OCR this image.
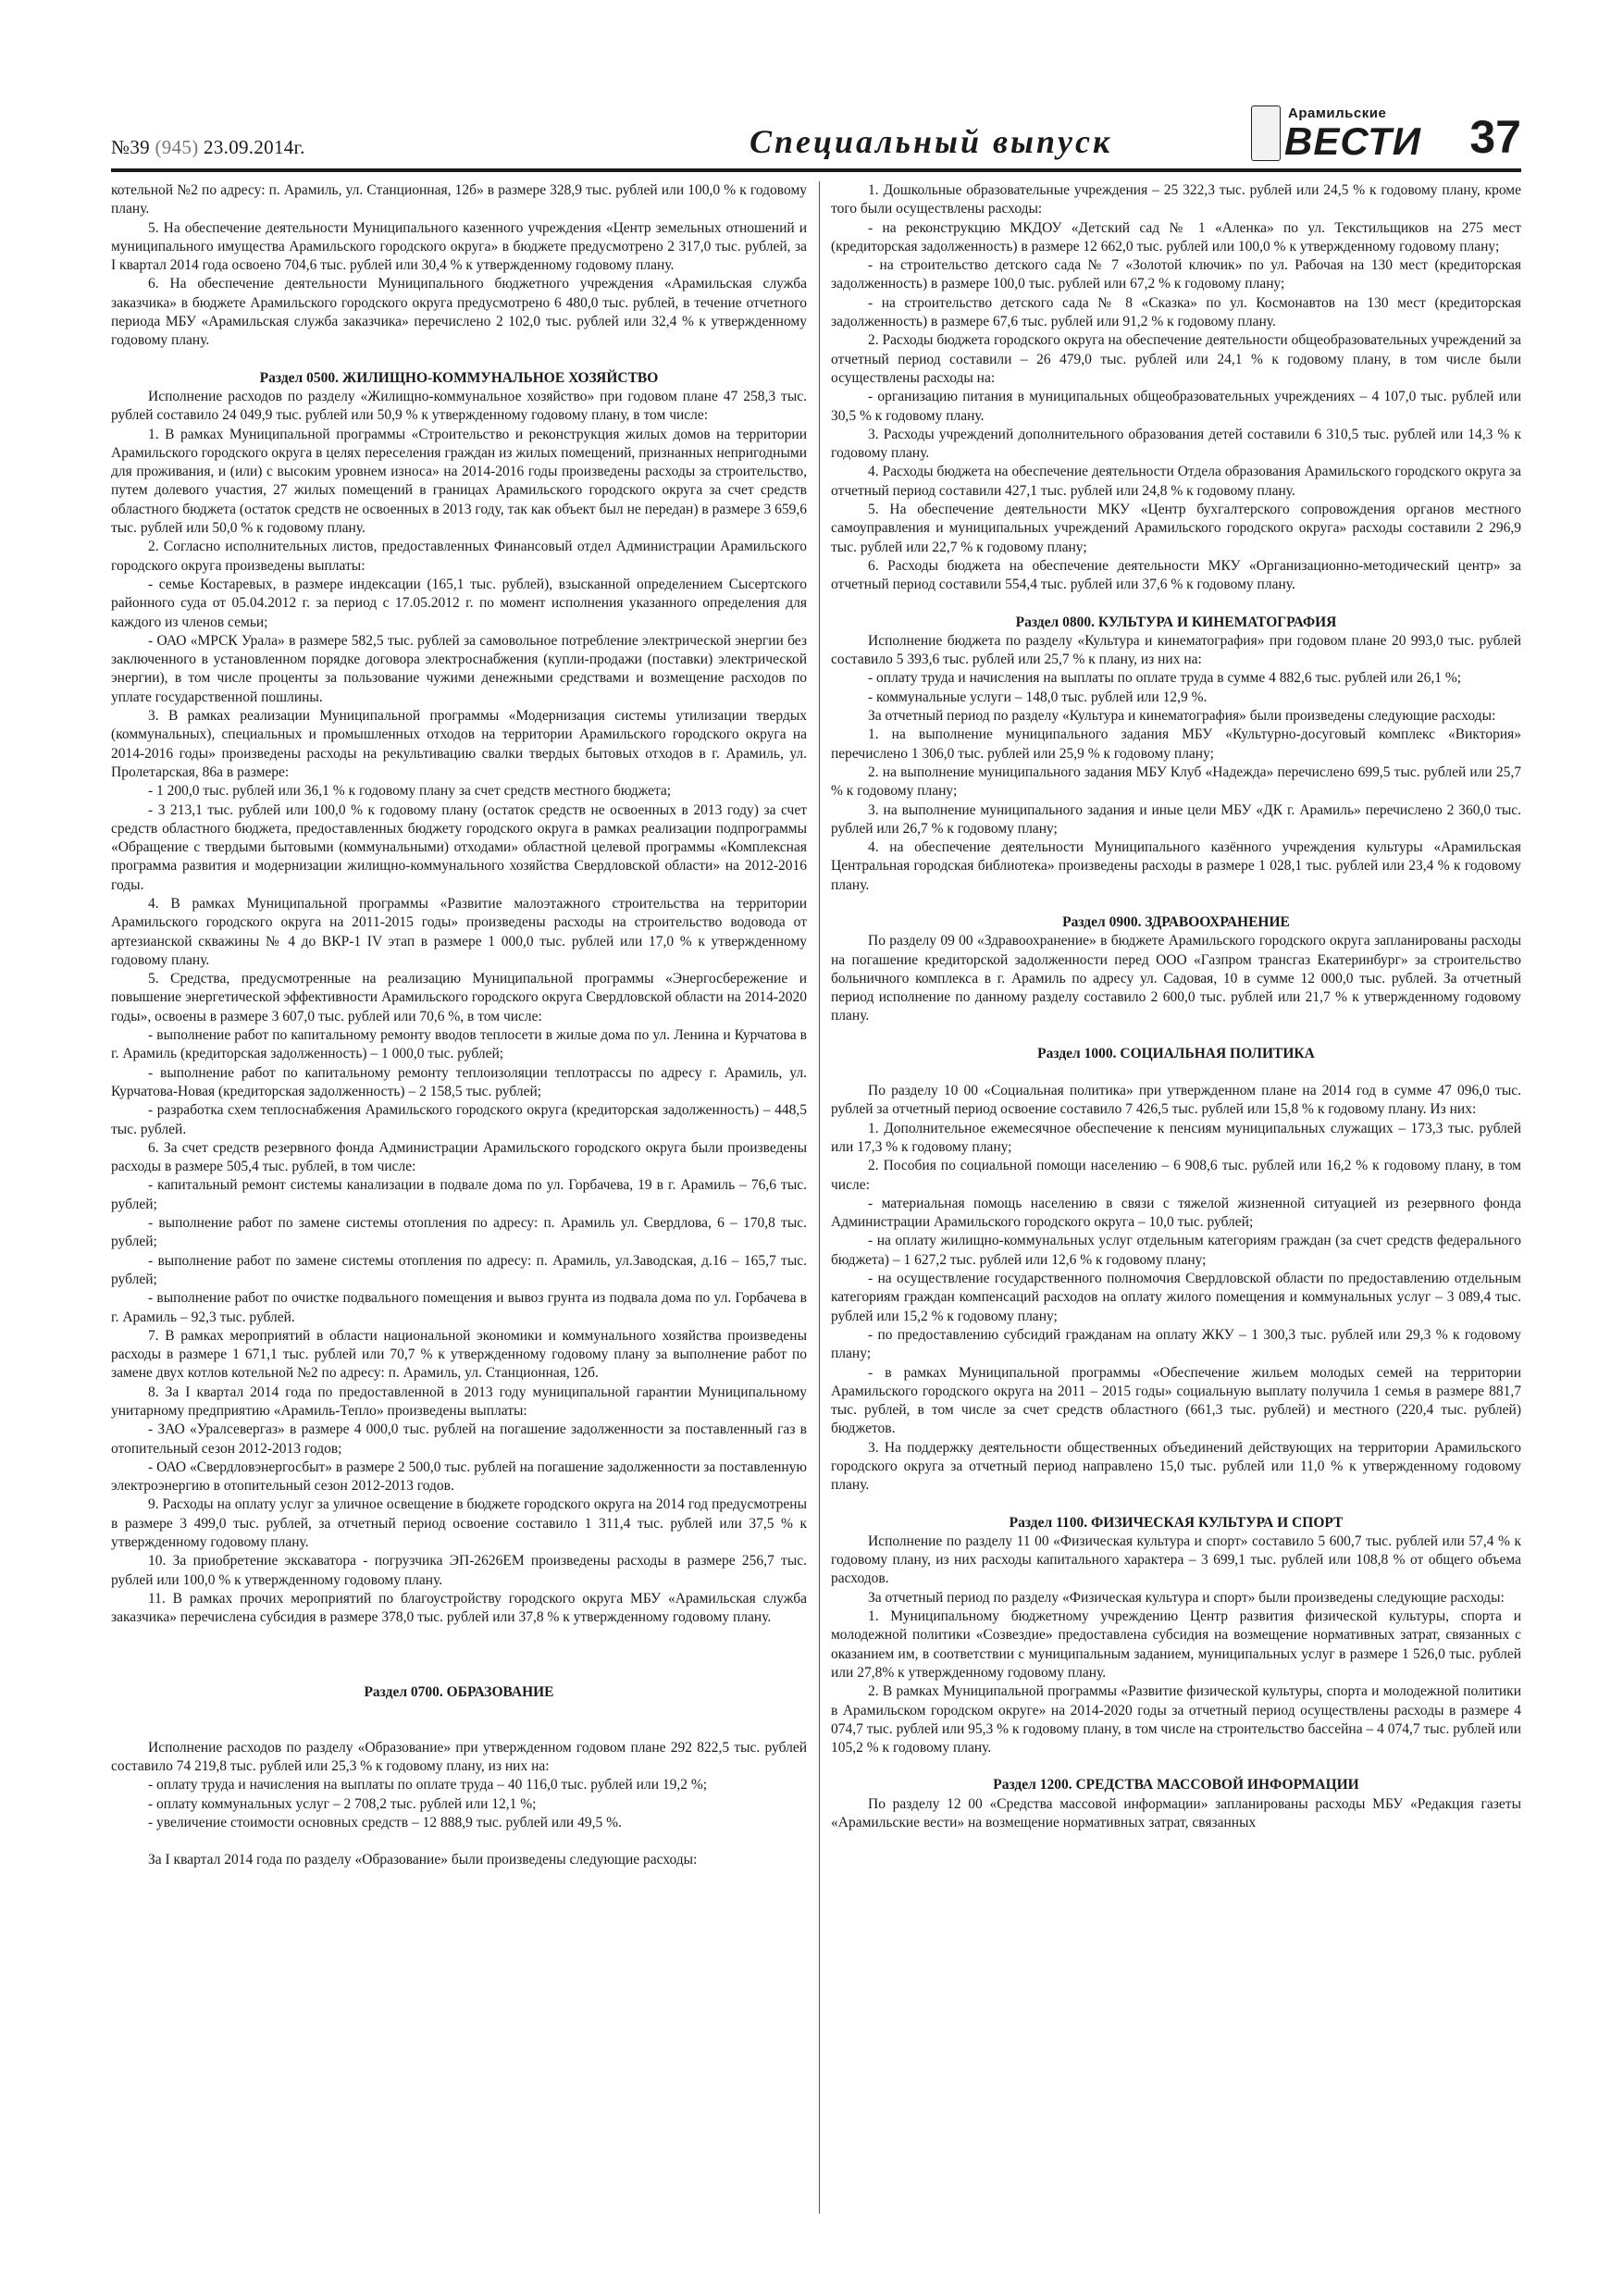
№39 (945) 23.09.2014г.	Специальный выпуск
Арамильские
ВЕСТИ 37

котельной №2 по адресу: п. Арамиль, ул. Станционная, 12б» в размере 328,9 тыс. рублей или 100,0 % к годовому плану.

5. На обеспечение деятельности Муниципального казенного учреждения «Центр земельных отношений и муниципального имущества Арамильского городского округа» в бюджете предусмотрено 2 317,0 тыс. рублей, за I квартал 2014 года освоено 704,6 тыс. рублей или 30,4 % к утвержденному годовому плану.

6. На обеспечение деятельности Муниципального бюджетного учреждения «Арамильская служба заказчика» в бюджете Арамильского городского округа предусмотрено 6 480,0 тыс. рублей, в течение отчетного периода МБУ «Арамильская служба заказчика» перечислено 2 102,0 тыс. рублей или 32,4 % к утвержденному годовому плану.

Раздел 0500. ЖИЛИЩНО-КОММУНАЛЬНОЕ ХОЗЯЙСТВО

Исполнение расходов по разделу «Жилищно-коммунальное хозяйство» при годовом плане 47 258,3 тыс. рублей составило 24 049,9 тыс. рублей или 50,9 % к утвержденному годовому плану, в том числе:

1. В рамках Муниципальной программы «Строительство и реконструкция жилых домов на территории Арамильского городского округа в целях переселения граждан из жилых помещений, признанных непригодными для проживания, и (или) с высоким уровнем износа» на 2014-2016 годы произведены расходы за строительство, путем долевого участия, 27 жилых помещений в границах Арамильского городского округа за счет средств областного бюджета (остаток средств не освоенных в 2013 году, так как объект был не передан) в размере 3 659,6 тыс. рублей или 50,0 % к годовому плану.

2. Согласно исполнительных листов, предоставленных Финансовый отдел Администрации Арамильского городского округа произведены выплаты:

- семье Костаревых, в размере индексации (165,1 тыс. рублей), взысканной определением Сысертского районного суда от 05.04.2012 г. за период с 17.05.2012 г. по момент исполнения указанного определения для каждого из членов семьи;

- ОАО «МРСК Урала» в размере 582,5 тыс. рублей за самовольное потребление электрической энергии без заключенного в установленном порядке договора электроснабжения (купли-продажи (поставки) электрической энергии), в том числе проценты за пользование чужими денежными средствами и возмещение расходов по уплате государственной пошлины.

3. В рамках реализации Муниципальной программы «Модернизация системы утилизации твердых (коммунальных), специальных и промышленных отходов на территории Арамильского городского округа на 2014-2016 годы» произведены расходы на рекультивацию свалки твердых бытовых отходов в г. Арамиль, ул. Пролетарская, 86а в размере:

- 1 200,0 тыс. рублей или 36,1 % к годовому плану за счет средств местного бюджета;

- 3 213,1 тыс. рублей или 100,0 % к годовому плану (остаток средств не освоенных в 2013 году) за счет средств областного бюджета, предоставленных бюджету городского округа в рамках реализации подпрограммы «Обращение с твердыми бытовыми (коммунальными) отходами» областной целевой программы «Комплексная программа развития и модернизации жилищно-коммунального хозяйства Свердловской области» на 2012-2016 годы.

4. В рамках Муниципальной программы «Развитие малоэтажного строительства на территории Арамильского городского округа на 2011-2015 годы» произведены расходы на строительство водовода от артезианской скважины № 4 до ВКР-1 IV этап в размере 1 000,0 тыс. рублей или 17,0 % к утвержденному годовому плану.

5. Средства, предусмотренные на реализацию Муниципальной программы «Энергосбережение и повышение энергетической эффективности Арамильского городского округа Свердловской области на 2014-2020 годы», освоены в размере 3 607,0 тыс. рублей или 70,6 %, в том числе:

- выполнение работ по капитальному ремонту вводов теплосети в жилые дома по ул. Ленина и Курчатова в г. Арамиль (кредиторская задолженность) – 1 000,0 тыс. рублей;

- выполнение работ по капитальному ремонту теплоизоляции теплотрассы по адресу г. Арамиль, ул. Курчатова-Новая (кредиторская задолженность) – 2 158,5 тыс. рублей;

- разработка схем теплоснабжения Арамильского городского округа (кредиторская задолженность) – 448,5 тыс. рублей.

6. За счет средств резервного фонда Администрации Арамильского городского округа были произведены расходы в размере 505,4 тыс. рублей, в том числе:

- капитальный ремонт системы канализации в подвале дома по ул. Горбачева, 19 в г. Арамиль – 76,6 тыс. рублей;

- выполнение работ по замене системы отопления по адресу: п. Арамиль ул. Свердлова, 6 – 170,8 тыс. рублей;

- выполнение работ по замене системы отопления по адресу: п. Арамиль, ул.Заводская, д.16 – 165,7 тыс. рублей;

- выполнение работ по очистке подвального помещения и вывоз грунта из подвала дома по ул. Горбачева в г. Арамиль – 92,3 тыс. рублей.

7. В рамках мероприятий в области национальной экономики и коммунального хозяйства произведены расходы в размере 1 671,1 тыс. рублей или 70,7 % к утвержденному годовому плану за выполнение работ по замене двух котлов котельной №2 по адресу: п. Арамиль, ул. Станционная, 12б.

8. За I квартал 2014 года по предоставленной в 2013 году муниципальной гарантии Муниципальному унитарному предприятию «Арамиль-Тепло» произведены выплаты:

- ЗАО «Уралсевергаз» в размере 4 000,0 тыс. рублей на погашение задолженности за поставленный газ в отопительный сезон 2012-2013 годов;

- ОАО «Свердловэнергосбыт» в размере 2 500,0 тыс. рублей на погашение задолженности за поставленную электроэнергию в отопительный сезон 2012-2013 годов.

9. Расходы на оплату услуг за уличное освещение в бюджете городского округа на 2014 год предусмотрены в размере 3 499,0 тыс. рублей, за отчетный период освоение составило 1 311,4 тыс. рублей или 37,5 % к утвержденному годовому плану.

10. За приобретение экскаватора - погрузчика ЭП-2626ЕМ произведены расходы в размере 256,7 тыс. рублей или 100,0 % к утвержденному годовому плану.

11. В рамках прочих мероприятий по благоустройству городского округа МБУ «Арамильская служба заказчика» перечислена субсидия в размере 378,0 тыс. рублей или 37,8 % к утвержденному годовому плану.

Раздел 0700. ОБРАЗОВАНИЕ

Исполнение расходов по разделу «Образование» при утвержденном годовом плане 292 822,5 тыс. рублей составило 74 219,8 тыс. рублей или 25,3 % к годовому плану, из них на:

- оплату труда и начисления на выплаты по оплате труда – 40 116,0 тыс. рублей или 19,2 %;

- оплату коммунальных услуг – 2 708,2 тыс. рублей или 12,1 %;

- увеличение стоимости основных средств – 12 888,9 тыс. рублей или 49,5 %.

За I квартал 2014 года по разделу «Образование» были произведены следующие расходы:

1. Дошкольные образовательные учреждения – 25 322,3 тыс. рублей или 24,5 % к годовому плану, кроме того были осуществлены расходы:

- на реконструкцию МКДОУ «Детский сад № 1 «Аленка» по ул. Текстильщиков на 275 мест (кредиторская задолженность) в размере 12 662,0 тыс. рублей или 100,0 % к утвержденному годовому плану;

- на строительство детского сада № 7 «Золотой ключик» по ул. Рабочая на 130 мест (кредиторская задолженность) в размере 100,0 тыс. рублей или 67,2 % к годовому плану;

- на строительство детского сада № 8 «Сказка» по ул. Космонавтов на 130 мест (кредиторская задолженность) в размере 67,6 тыс. рублей или 91,2 % к годовому плану.

2. Расходы бюджета городского округа на обеспечение деятельности общеобразовательных учреждений за отчетный период составили – 26 479,0 тыс. рублей или 24,1 % к годовому плану, в том числе были осуществлены расходы на:

- организацию питания в муниципальных общеобразовательных учреждениях – 4 107,0 тыс. рублей или 30,5 % к годовому плану.

3. Расходы учреждений дополнительного образования детей составили 6 310,5 тыс. рублей или 14,3 % к годовому плану.

4. Расходы бюджета на обеспечение деятельности Отдела образования Арамильского городского округа за отчетный период составили 427,1 тыс. рублей или 24,8 % к годовому плану.

5. На обеспечение деятельности МКУ «Центр бухгалтерского сопровождения органов местного самоуправления и муниципальных учреждений Арамильского городского округа» расходы составили 2 296,9 тыс. рублей или 22,7 % к годовому плану;

6. Расходы бюджета на обеспечение деятельности МКУ «Организационно-методический центр» за отчетный период составили 554,4 тыс. рублей или 37,6 % к годовому плану.

Раздел 0800. КУЛЬТУРА И КИНЕМАТОГРАФИЯ

Исполнение бюджета по разделу «Культура и кинематография» при годовом плане 20 993,0 тыс. рублей составило 5 393,6 тыс. рублей или 25,7 % к плану, из них на:

- оплату труда и начисления на выплаты по оплате труда в сумме 4 882,6 тыс. рублей или 26,1 %;

- коммунальные услуги – 148,0 тыс. рублей или 12,9 %.

За отчетный период по разделу «Культура и кинематография» были произведены следующие расходы:

1. на выполнение муниципального задания МБУ «Культурно-досуговый комплекс «Виктория» перечислено 1 306,0 тыс. рублей или 25,9 % к годовому плану;

2. на выполнение муниципального задания МБУ Клуб «Надежда» перечислено 699,5 тыс. рублей или 25,7 % к годовому плану;

3. на выполнение муниципального задания и иные цели МБУ «ДК г. Арамиль» перечислено 2 360,0 тыс. рублей или 26,7 % к годовому плану;

4. на обеспечение деятельности Муниципального казённого учреждения культуры «Арамильская Центральная городская библиотека» произведены расходы в размере 1 028,1 тыс. рублей или 23,4 % к годовому плану.

Раздел 0900. ЗДРАВООХРАНЕНИЕ

По разделу 09 00 «Здравоохранение» в бюджете Арамильского городского округа запланированы расходы на погашение кредиторской задолженности перед ООО «Газпром трансгаз Екатеринбург» за строительство больничного комплекса в г. Арамиль по адресу ул. Садовая, 10 в сумме 12 000,0 тыс. рублей. За отчетный период исполнение по данному разделу составило 2 600,0 тыс. рублей или 21,7 % к утвержденному годовому плану.

Раздел 1000. СОЦИАЛЬНАЯ ПОЛИТИКА

По разделу 10 00 «Социальная политика» при утвержденном плане на 2014 год в сумме 47 096,0 тыс. рублей за отчетный период освоение составило 7 426,5 тыс. рублей или 15,8 % к годовому плану. Из них:

1. Дополнительное ежемесячное обеспечение к пенсиям муниципальных служащих – 173,3 тыс. рублей или 17,3 % к годовому плану;

2. Пособия по социальной помощи населению – 6 908,6 тыс. рублей или 16,2 % к годовому плану, в том числе:

- материальная помощь населению в связи с тяжелой жизненной ситуацией из резервного фонда Администрации Арамильского городского округа – 10,0 тыс. рублей;

- на оплату жилищно-коммунальных услуг отдельным категориям граждан (за счет средств федерального бюджета) – 1 627,2 тыс. рублей или 12,6 % к годовому плану;

- на осуществление государственного полномочия Свердловской области по предоставлению отдельным категориям граждан компенсаций расходов на оплату жилого помещения и коммунальных услуг – 3 089,4 тыс. рублей или 15,2 % к годовому плану;

- по предоставлению субсидий гражданам на оплату ЖКУ – 1 300,3 тыс. рублей или 29,3 % к годовому плану;

- в рамках Муниципальной программы «Обеспечение жильем молодых семей на территории Арамильского городского округа на 2011 – 2015 годы» социальную выплату получила 1 семья в размере 881,7 тыс. рублей, в том числе за счет средств областного (661,3 тыс. рублей) и местного (220,4 тыс. рублей) бюджетов.

3. На поддержку деятельности общественных объединений действующих на территории Арамильского городского округа за отчетный период направлено 15,0 тыс. рублей или 11,0 % к утвержденному годовому плану.

Раздел 1100. ФИЗИЧЕСКАЯ КУЛЬТУРА И СПОРТ

Исполнение по разделу 11 00 «Физическая культура и спорт» составило 5 600,7 тыс. рублей или 57,4 % к годовому плану, из них расходы капитального характера – 3 699,1 тыс. рублей или 108,8 % от общего объема расходов.

За отчетный период по разделу «Физическая культура и спорт» были произведены следующие расходы:

1. Муниципальному бюджетному учреждению Центр развития физической культуры, спорта и молодежной политики «Созвездие» предоставлена субсидия на возмещение нормативных затрат, связанных с оказанием им, в соответствии с муниципальным заданием, муниципальных услуг в размере 1 526,0 тыс. рублей или 27,8% к утвержденному годовому плану.

2. В рамках Муниципальной программы «Развитие физической культуры, спорта и молодежной политики в Арамильском городском округе» на 2014-2020 годы за отчетный период осуществлены расходы в размере 4 074,7 тыс. рублей или 95,3 % к годовому плану, в том числе на строительство бассейна – 4 074,7 тыс. рублей или 105,2 % к годовому плану.

Раздел 1200. СРЕДСТВА МАССОВОЙ ИНФОРМАЦИИ

По разделу 12 00 «Средства массовой информации» запланированы расходы МБУ «Редакция газеты «Арамильские вести» на возмещение нормативных затрат, связанных
